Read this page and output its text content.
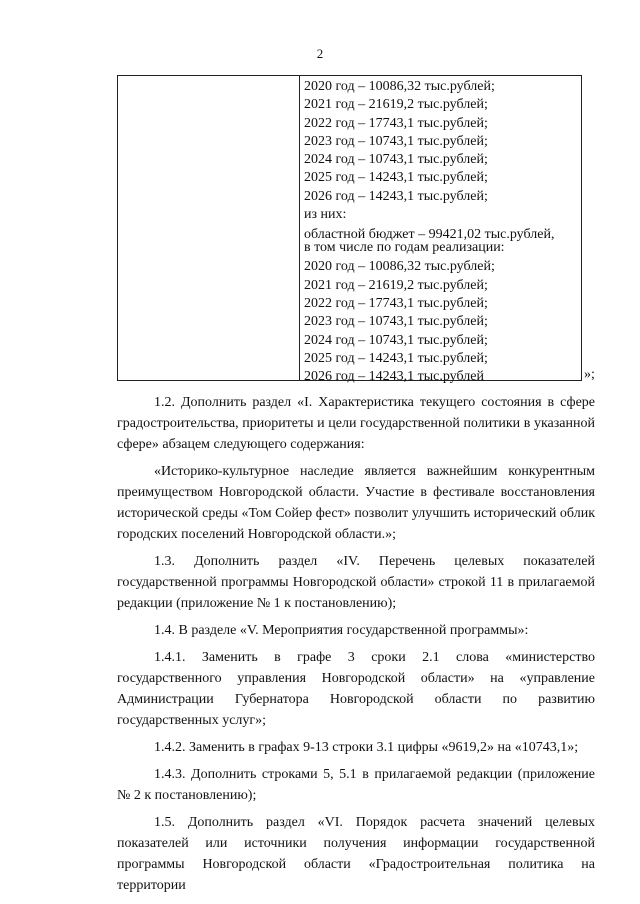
2
2020 год – 10086,32 тыс.рублей;
2021 год – 21619,2 тыс.рублей;
2022 год – 17743,1 тыс.рублей;
2023 год – 10743,1 тыс.рублей;
2024 год – 10743,1 тыс.рублей;
2025 год – 14243,1 тыс.рублей;
2026 год – 14243,1 тыс.рублей;
из них:
областной бюджет – 99421,02 тыс.рублей,
в том числе по годам реализации:
2020 год – 10086,32 тыс.рублей;
2021 год – 21619,2 тыс.рублей;
2022 год – 17743,1 тыс.рублей;
2023 год – 10743,1 тыс.рублей;
2024 год – 10743,1 тыс.рублей;
2025 год – 14243,1 тыс.рублей;
2026 год – 14243,1 тыс.рублей	»;

1.2. Дополнить раздел «I. Характеристика текущего состояния в сфере градостроительства, приоритеты и цели государственной политики в указанной сфере» абзацем следующего содержания:

«Историко-культурное наследие является важнейшим конкурентным преимуществом Новгородской области. Участие в фестивале восстановления исторической среды «Том Сойер фест» позволит улучшить исторический облик городских поселений Новгородской области.»;

1.3. Дополнить раздел «IV. Перечень целевых показателей государственной программы Новгородской области» строкой 11 в прилагаемой редакции (приложение № 1 к постановлению);

1.4. В разделе «V. Мероприятия государственной программы»:

1.4.1. Заменить в графе 3 сроки 2.1 слова «министерство государственного управления Новгородской области» на «управление Администрации Губернатора Новгородской области по развитию государственных услуг»;

1.4.2. Заменить в графах 9-13 строки 3.1 цифры «9619,2» на «10743,1»;

1.4.3. Дополнить строками 5, 5.1 в прилагаемой редакции (приложение № 2 к постановлению);

1.5. Дополнить раздел «VI. Порядок расчета значений целевых показателей или источники получения информации государственной программы Новгородской области «Градостроительная политика на территории
